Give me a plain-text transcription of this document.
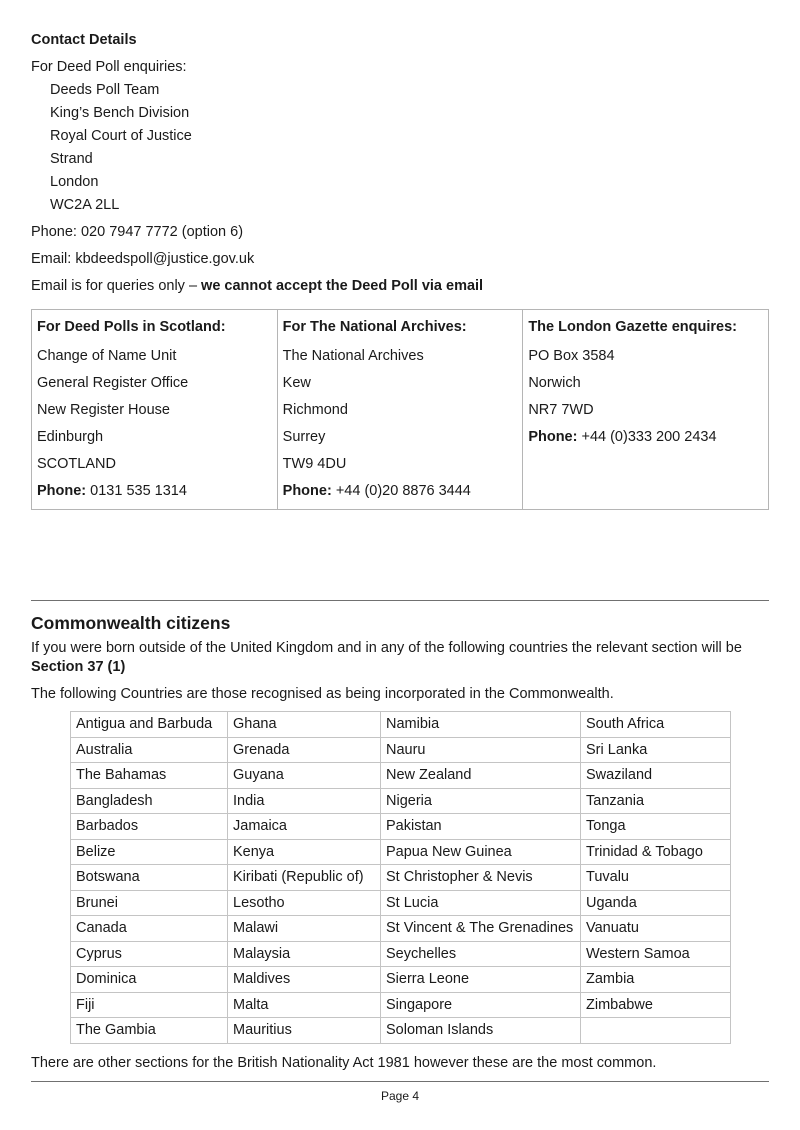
Contact Details

For Deed Poll enquiries:

Deeds Poll Team

King’s Bench Division

Royal Court of Justice

Strand

London

WC2A 2LL

Phone: 020 7947 7772 (option 6)

Email: kbdeedspoll@justice.gov.uk

Email is for queries only – we cannot accept the Deed Poll via email

For Deed Polls in Scotland:

Change of Name Unit

General Register Office

New Register House

Edinburgh

SCOTLAND

Phone: 0131 535 1314

For The National Archives:

The National Archives

Kew

Richmond

Surrey

TW9 4DU

Phone: +44 (0)20 8876 3444

The London Gazette enquires:

PO Box 3584

Norwich

NR7 7WD

Phone: +44 (0)333 200 2434

Commonwealth citizens

If you were born outside of the United Kingdom and in any of the following countries the relevant section will be
Section 37 (1)

The following Countries are those recognised as being incorporated in the Commonwealth.

Antigua and Barbuda	Ghana	Namibia	South Africa
Australia	Grenada	Nauru	Sri Lanka
The Bahamas	Guyana	New Zealand	Swaziland
Bangladesh	India	Nigeria	Tanzania
Barbados	Jamaica	Pakistan	Tonga
Belize	Kenya	Papua New Guinea	Trinidad & Tobago
Botswana	Kiribati (Republic of)	St Christopher & Nevis	Tuvalu
Brunei	Lesotho	St Lucia	Uganda
Canada	Malawi	St Vincent & The Grenadines	Vanuatu
Cyprus	Malaysia	Seychelles	Western Samoa
Dominica	Maldives	Sierra Leone	Zambia
Fiji	Malta	Singapore	Zimbabwe
The Gambia	Mauritius	Soloman Islands	

There are other sections for the British Nationality Act 1981 however these are the most common.

Page 4
